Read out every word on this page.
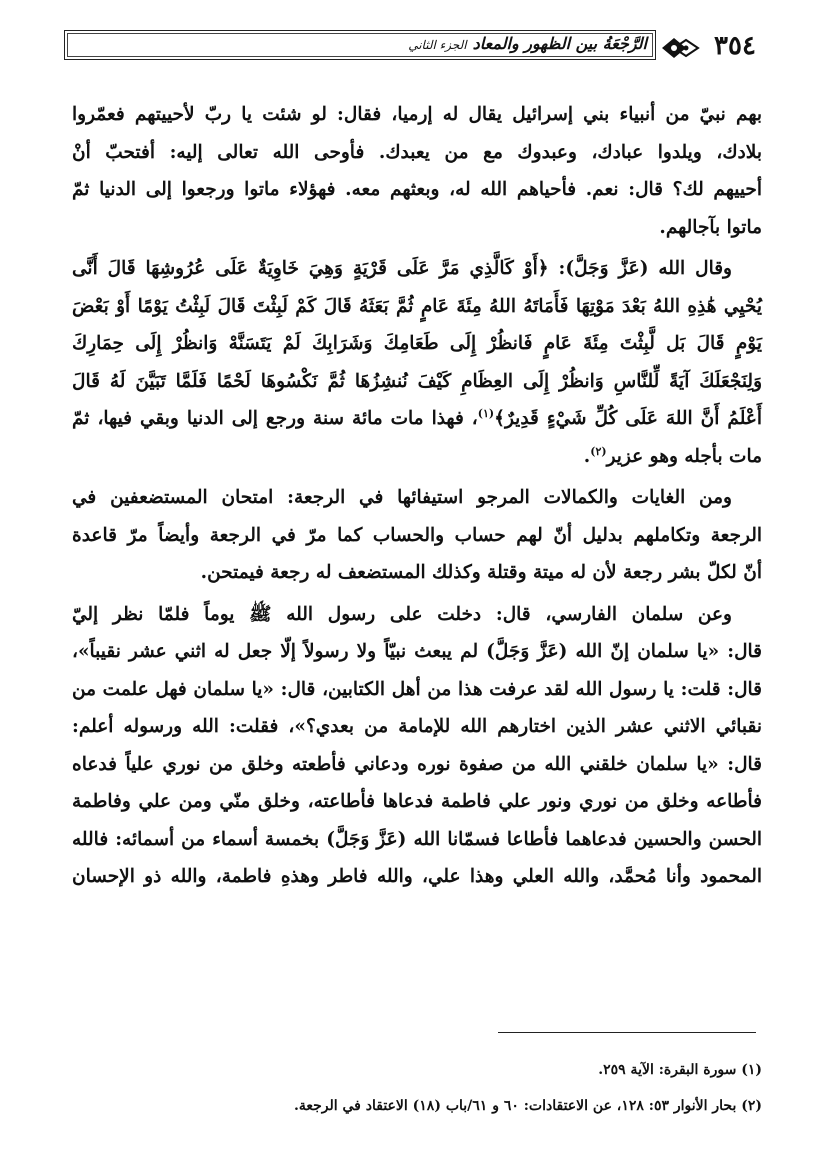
٣٥٤
الرَّجْعَةُ بين الظهور والمعادالجزء الثاني
بهم نبيّ من أنبياء بني إسرائيل يقال له إرميا، فقال: لو شئت يا ربّ لأحييتهم فعمّروا
بلادك، ويلدوا عبادك، وعبدوك مع من يعبدك. فأوحى الله تعالى إليه: أفتحبّ أنْ
أحييهم لك؟ قال: نعم. فأحياهم الله له، وبعثهم معه. فهؤلاء ماتوا ورجعوا إلى الدنيا ثمّ
ماتوا بآجالهم.
وقال الله (عَزَّ وَجَلَّ): ﴿أَوْ كَالَّذِي مَرَّ عَلَى قَرْيَةٍ وَهِيَ خَاوِيَةٌ عَلَى عُرُوشِهَا قَالَ أَنَّى
يُحْيِي هَٰذِهِ اللهُ بَعْدَ مَوْتِهَا فَأَمَاتَهُ اللهُ مِئَةَ عَامٍ ثُمَّ بَعَثَهُ قَالَ كَمْ لَبِثْتَ قَالَ لَبِثْتُ يَوْمًا أَوْ بَعْضَ
يَوْمٍ قَالَ بَل لَّبِثْتَ مِئَةَ عَامٍ فَانظُرْ إِلَى طَعَامِكَ وَشَرَابِكَ لَمْ يَتَسَنَّهْ وَانظُرْ إِلَى حِمَارِكَ
وَلِنَجْعَلَكَ آيَةً لِّلنَّاسِ وَانظُرْ إِلَى العِظَامِ كَيْفَ نُنشِزُهَا ثُمَّ نَكْسُوهَا لَحْمًا فَلَمَّا تَبَيَّنَ لَهُ قَالَ
أَعْلَمُ أَنَّ اللهَ عَلَى كُلِّ شَيْءٍ قَدِيرٌ﴾$^{(١)}$، فهذا مات مائة سنة ورجع إلى الدنيا وبقي فيها، ثمّ
مات بأجله وهو عزير$^{(٢)}$.
ومن الغايات والكمالات المرجو استيفائها في الرجعة: امتحان المستضعفين في
الرجعة وتكاملهم بدليل أنّ لهم حساب والحساب كما مرّ في الرجعة وأيضاً مرّ قاعدة
أنّ لكلّ بشر رجعة لأن له ميتة وقتلة وكذلك المستضعف له رجعة فيمتحن.
وعن سلمان الفارسي، قال: دخلت على رسول الله ﷺ يوماً فلمّا نظر إليّ
قال: «يا سلمان إنّ الله (عَزَّ وَجَلَّ) لم يبعث نبيّاً ولا رسولاً إلّا جعل له اثني عشر نقيباً»،
قال: قلت: يا رسول الله لقد عرفت هذا من أهل الكتابين، قال: «يا سلمان فهل علمت من
نقبائي الاثني عشر الذين اختارهم الله للإمامة من بعدي؟»، فقلت: الله ورسوله أعلم:
قال: «يا سلمان خلقني الله من صفوة نوره ودعاني فأطعته وخلق من نوري علياً فدعاه
فأطاعه وخلق من نوري ونور علي فاطمة فدعاها فأطاعته، وخلق منّي ومن علي وفاطمة
الحسن والحسين فدعاهما فأطاعا فسمّانا الله (عَزَّ وَجَلَّ) بخمسة أسماء من أسمائه: فالله
المحمود وأنا مُحمَّد، والله العلي وهذا علي، والله فاطر وهذهِ فاطمة، والله ذو الإحسان
(١) سورة البقرة: الآية ٢٥٩.
(٢) بحار الأنوار ٥٣: ١٢٨، عن الاعتقادات: ٦٠ و ٦١/باب (١٨) الاعتقاد في الرجعة.
